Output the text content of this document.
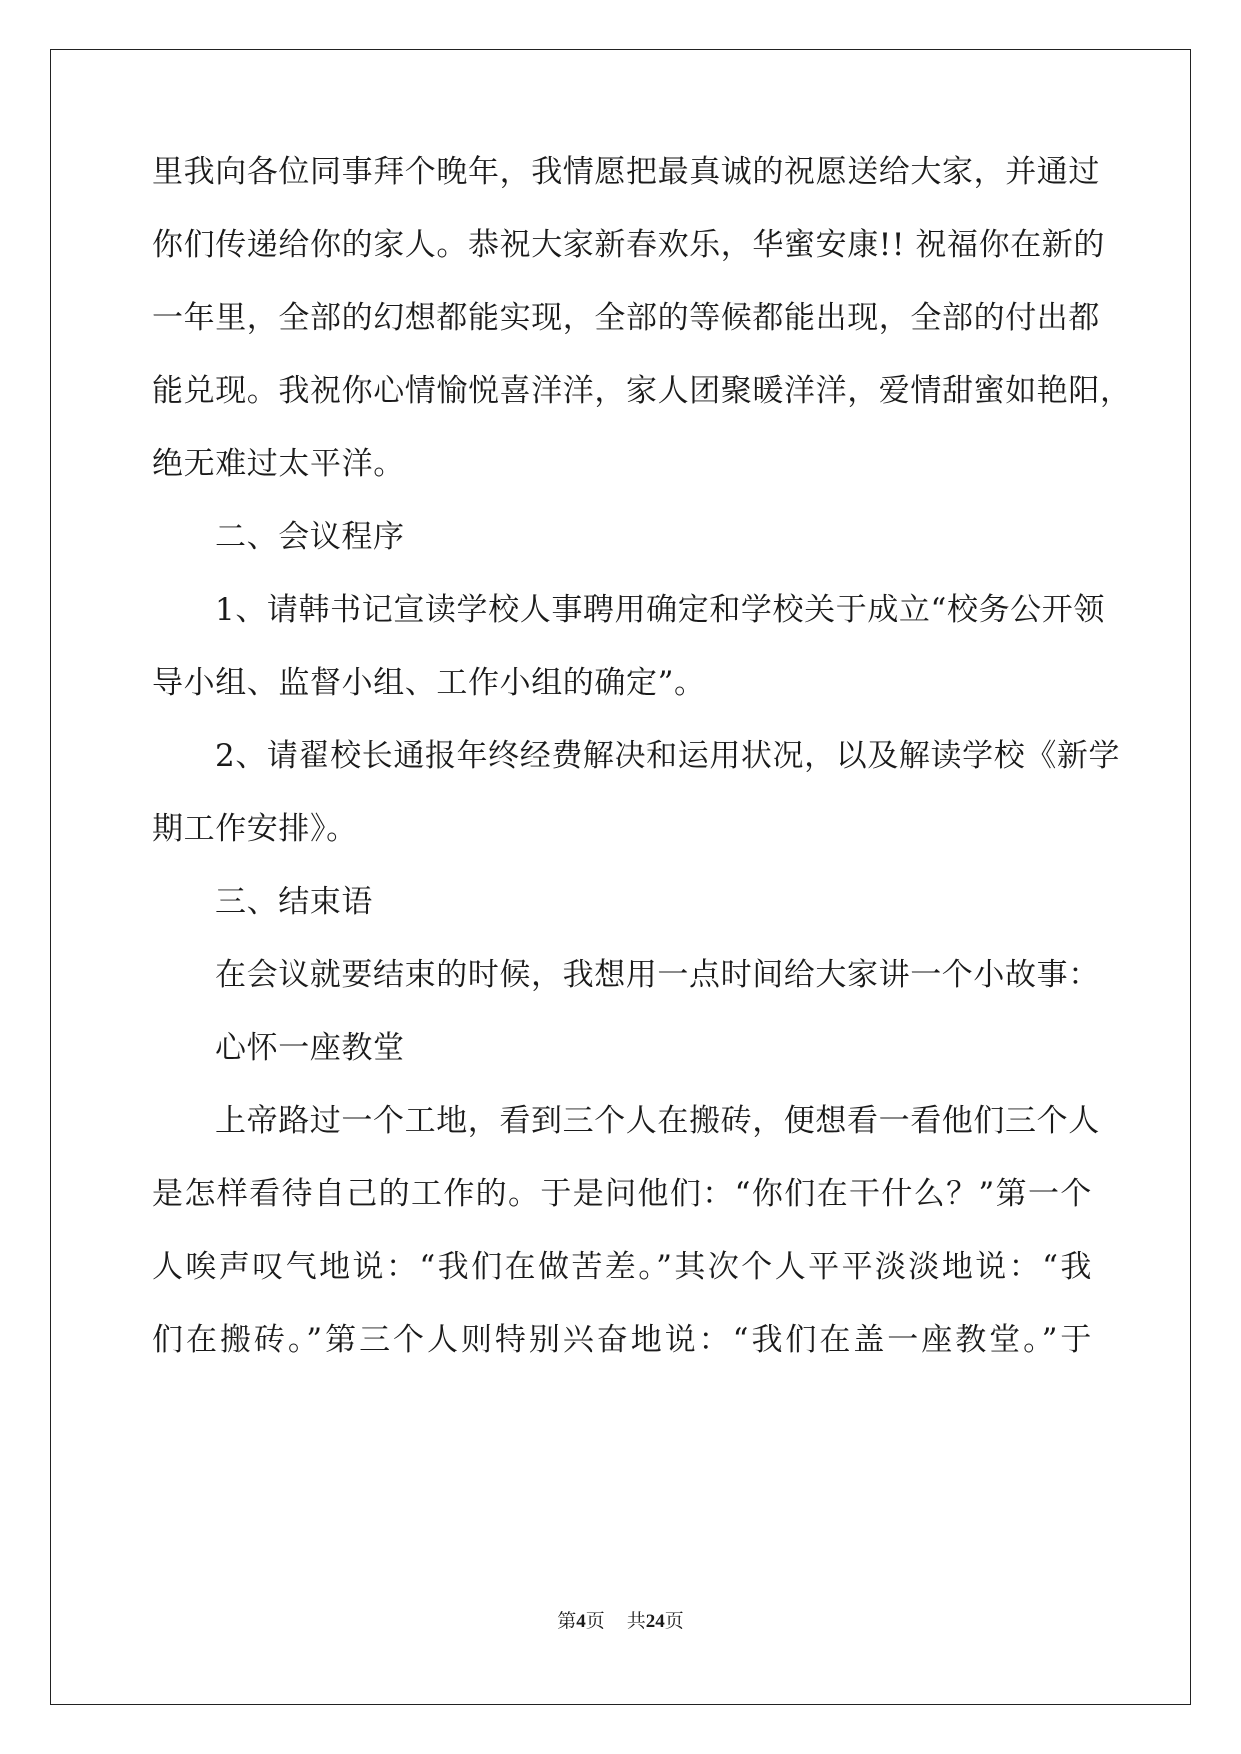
里我向各位同事拜个晚年，我情愿把最真诚的祝愿送给大家，并通过
你们传递给你的家人。恭祝大家新春欢乐，华蜜安康!! 祝福你在新的
一年里，全部的幻想都能实现，全部的等候都能出现，全部的付出都
能兑现。我祝你心情愉悦喜洋洋，家人团聚暖洋洋，爱情甜蜜如艳阳，
绝无难过太平洋。
二、会议程序
1、请韩书记宣读学校人事聘用确定和学校关于成立“校务公开领
导小组、监督小组、工作小组的确定”。
2、请翟校长通报年终经费解决和运用状况，以及解读学校《新学
期工作安排》。
三、结束语
在会议就要结束的时候，我想用一点时间给大家讲一个小故事：
心怀一座教堂
上帝路过一个工地，看到三个人在搬砖，便想看一看他们三个人
是怎样看待自己的工作的。于是问他们：“你们在干什么？”第一个
人唉声叹气地说：“我们在做苦差。”其次个人平平淡淡地说：“我
们在搬砖。”第三个人则特别兴奋地说：“我们在盖一座教堂。”于
第4页 共24页
